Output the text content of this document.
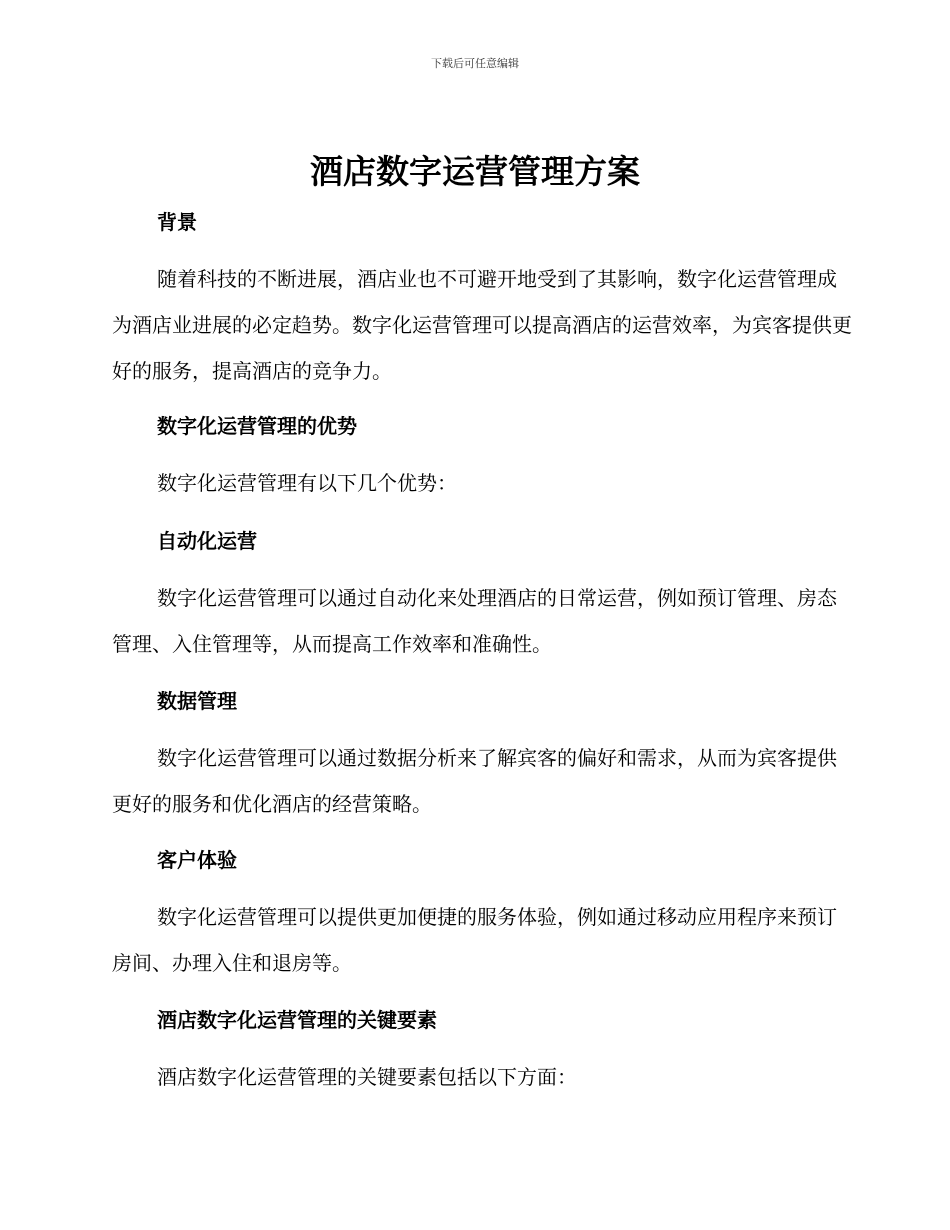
下载后可任意编辑
酒店数字运营管理方案
背景

随着科技的不断进展，酒店业也不可避开地受到了其影响，数字化运营管理成为酒店业进展的必定趋势。数字化运营管理可以提高酒店的运营效率，为宾客提供更好的服务，提高酒店的竞争力。

数字化运营管理的优势

数字化运营管理有以下几个优势：

自动化运营

数字化运营管理可以通过自动化来处理酒店的日常运营，例如预订管理、房态管理、入住管理等，从而提高工作效率和准确性。

数据管理

数字化运营管理可以通过数据分析来了解宾客的偏好和需求，从而为宾客提供更好的服务和优化酒店的经营策略。

客户体验

数字化运营管理可以提供更加便捷的服务体验，例如通过移动应用程序来预订房间、办理入住和退房等。

酒店数字化运营管理的关键要素

酒店数字化运营管理的关键要素包括以下方面：
